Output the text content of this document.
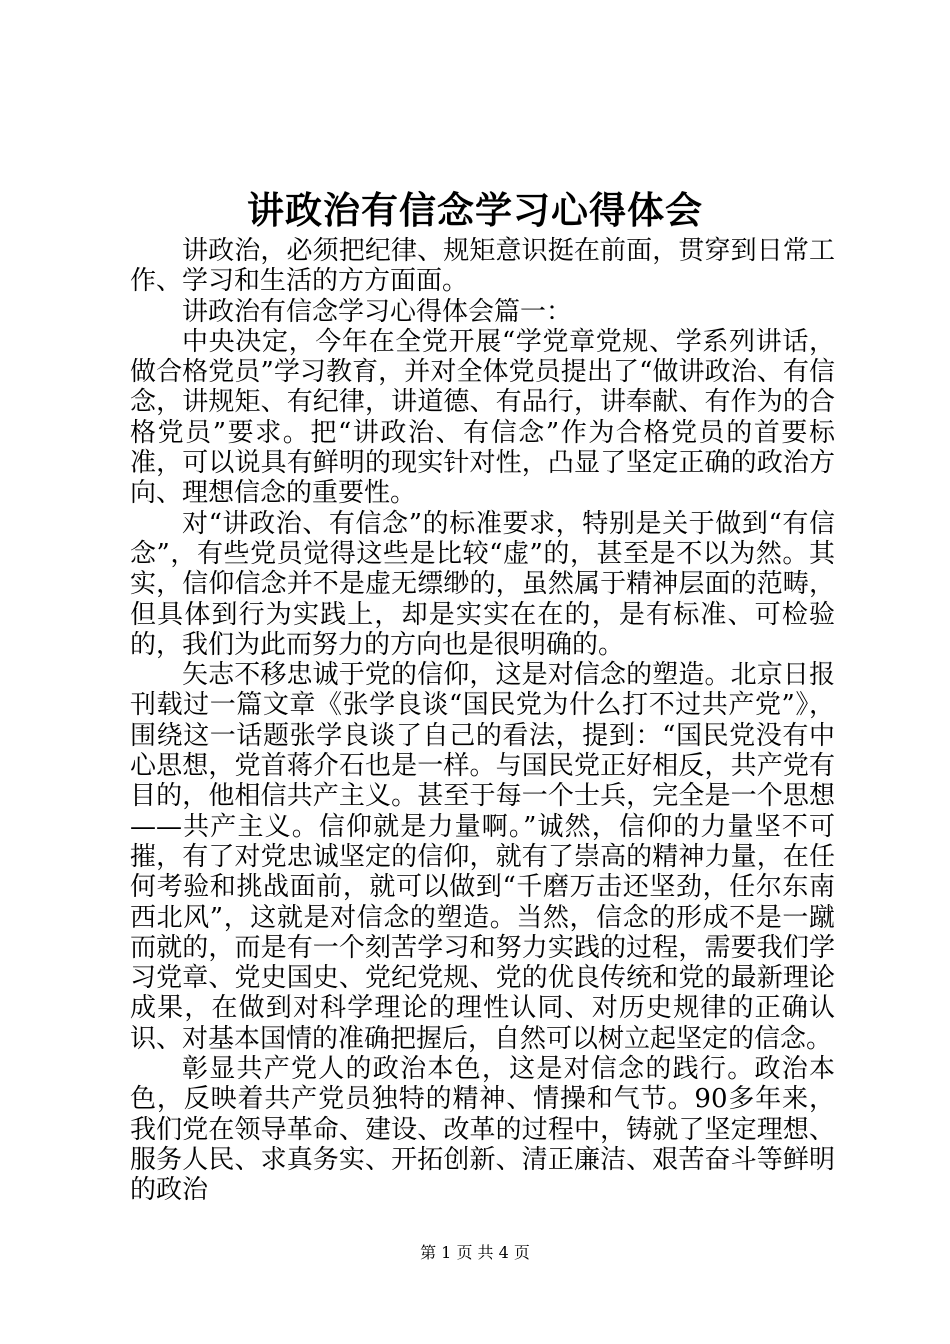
讲政治有信念学习心得体会

讲政治，必须把纪律、规矩意识挺在前面，贯穿到日常工作、学习和生活的方方面面。

讲政治有信念学习心得体会篇一：

中央决定，今年在全党开展“学党章党规、学系列讲话，做合格党员”学习教育，并对全体党员提出了“做讲政治、有信念，讲规矩、有纪律，讲道德、有品行，讲奉献、有作为的合格党员”要求。把“讲政治、有信念”作为合格党员的首要标准，可以说具有鲜明的现实针对性，凸显了坚定正确的政治方向、理想信念的重要性。

对“讲政治、有信念”的标准要求，特别是关于做到“有信念”，有些党员觉得这些是比较“虚”的，甚至是不以为然。其实，信仰信念并不是虚无缥缈的，虽然属于精神层面的范畴，但具体到行为实践上，却是实实在在的，是有标准、可检验的，我们为此而努力的方向也是很明确的。

矢志不移忠诚于党的信仰，这是对信念的塑造。北京日报刊载过一篇文章《张学良谈“国民党为什么打不过共产党”》，围绕这一话题张学良谈了自己的看法，提到：“国民党没有中心思想，党首蒋介石也是一样。与国民党正好相反，共产党有目的，他相信共产主义。甚至于每一个士兵，完全是一个思想——共产主义。信仰就是力量啊。”诚然，信仰的力量坚不可摧，有了对党忠诚坚定的信仰，就有了崇高的精神力量，在任何考验和挑战面前，就可以做到“千磨万击还坚劲，任尔东南西北风”，这就是对信念的塑造。当然，信念的形成不是一蹴而就的，而是有一个刻苦学习和努力实践的过程，需要我们学习党章、党史国史、党纪党规、党的优良传统和党的最新理论成果，在做到对科学理论的理性认同、对历史规律的正确认识、对基本国情的准确把握后，自然可以树立起坚定的信念。

彰显共产党人的政治本色，这是对信念的践行。政治本色，反映着共产党员独特的精神、情操和气节。90多年来，我们党在领导革命、建设、改革的过程中，铸就了坚定理想、服务人民、求真务实、开拓创新、清正廉洁、艰苦奋斗等鲜明的政治

第 1 页 共 4 页
